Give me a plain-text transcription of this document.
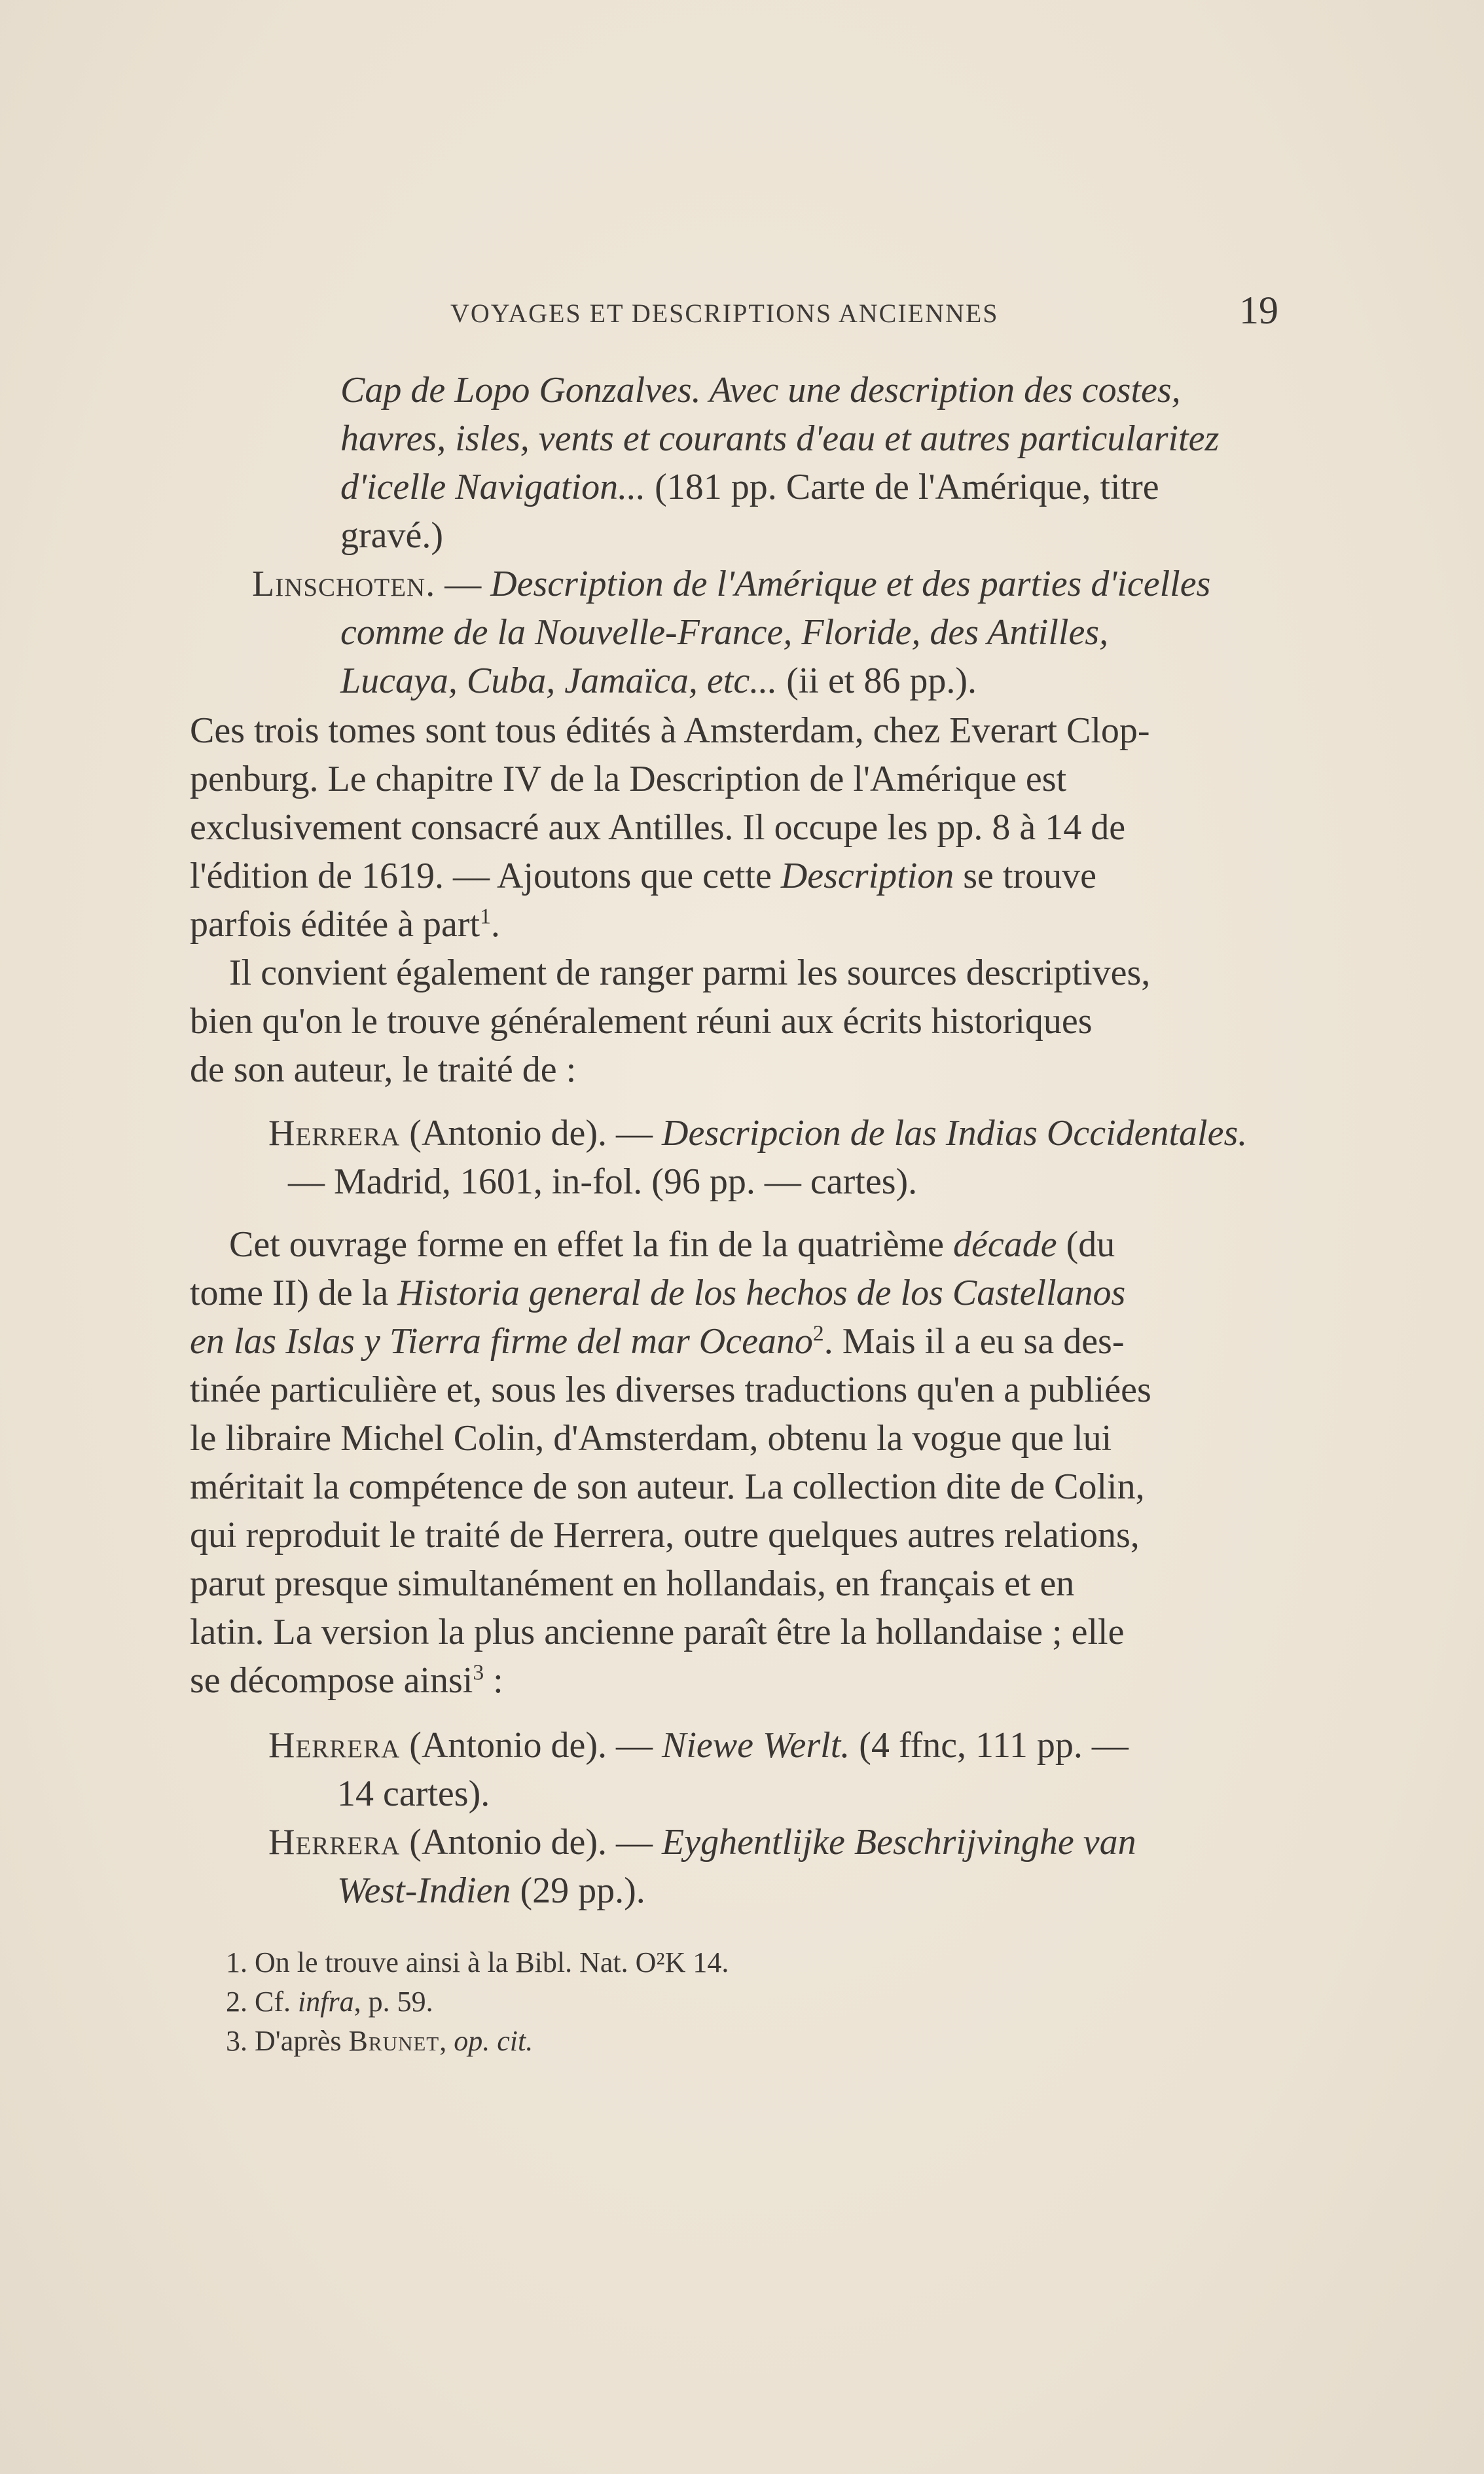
VOYAGES ET DESCRIPTIONS ANCIENNES	19
Cap de Lopo Gonzalves. Avec une description des costes,
havres, isles, vents et courants d'eau et autres particularitez
d'icelle Navigation... (181 pp. Carte de l'Amérique, titre
gravé.)
Linschoten. — Description de l'Amérique et des parties d'icelles
comme de la Nouvelle-France, Floride, des Antilles,
Lucaya, Cuba, Jamaïca, etc... (ii et 86 pp.).
Ces trois tomes sont tous édités à Amsterdam, chez Everart Clop-
penburg. Le chapitre IV de la Description de l'Amérique est
exclusivement consacré aux Antilles. Il occupe les pp. 8 à 14 de
l'édition de 1619. — Ajoutons que cette Description se trouve
parfois éditée à part$^1$.
Il convient également de ranger parmi les sources descriptives,
bien qu'on le trouve généralement réuni aux écrits historiques
de son auteur, le traité de :
Herrera (Antonio de). — Descripcion de las Indias Occidentales.
— Madrid, 1601, in-fol. (96 pp. — cartes).
Cet ouvrage forme en effet la fin de la quatrième décade (du
tome II) de la Historia general de los hechos de los Castellanos
en las Islas y Tierra firme del mar Oceano$^2$. Mais il a eu sa des-
tinée particulière et, sous les diverses traductions qu'en a publiées
le libraire Michel Colin, d'Amsterdam, obtenu la vogue que lui
méritait la compétence de son auteur. La collection dite de Colin,
qui reproduit le traité de Herrera, outre quelques autres relations,
parut presque simultanément en hollandais, en français et en
latin. La version la plus ancienne paraît être la hollandaise ; elle
se décompose ainsi$^3$ :
Herrera (Antonio de). — Niewe Werlt. (4 ffnc, 111 pp. —
14 cartes).
Herrera (Antonio de). — Eyghentlijke Beschrijvinghe van
West-Indien (29 pp.).
1. On le trouve ainsi à la Bibl. Nat. O²K 14.
2. Cf. infra, p. 59.
3. D'après Brunet, op. cit.
